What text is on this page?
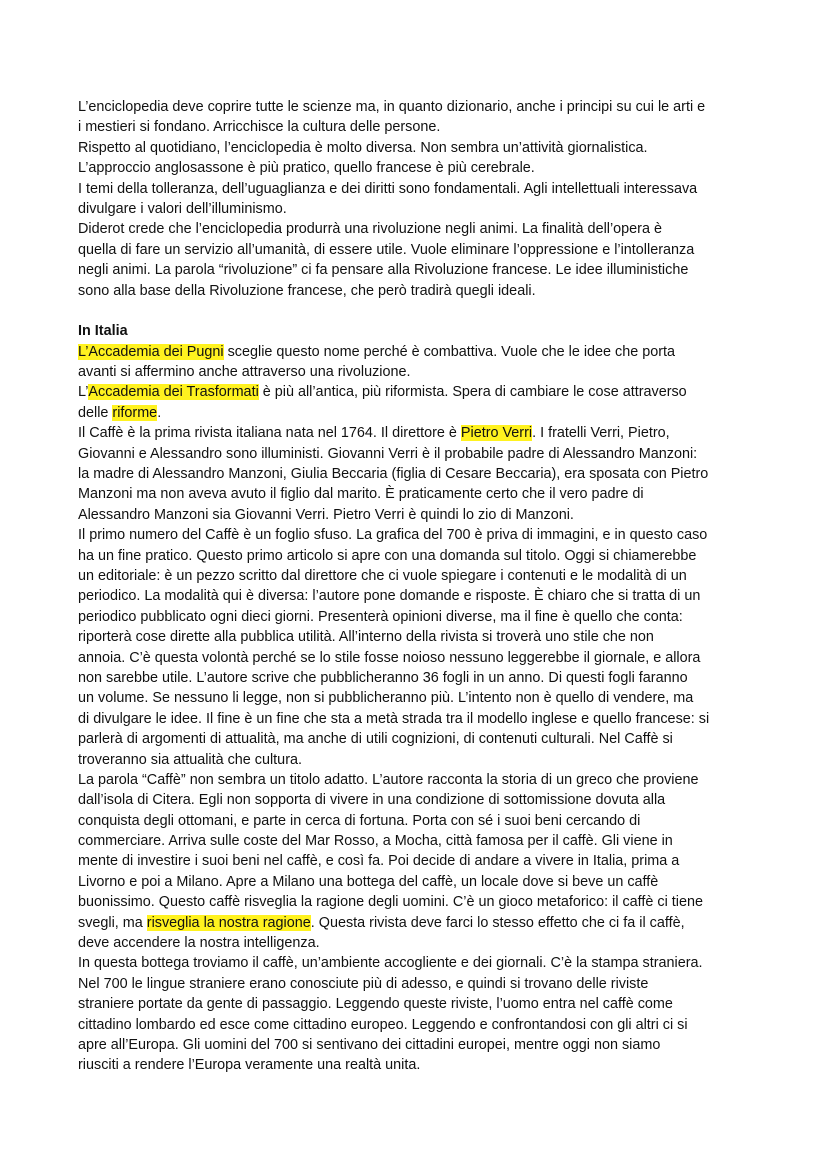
L’enciclopedia deve coprire tutte le scienze ma, in quanto dizionario, anche i principi su cui le arti e
i mestieri si fondano. Arricchisce la cultura delle persone.
Rispetto al quotidiano, l’enciclopedia è molto diversa. Non sembra un’attività giornalistica.
L’approccio anglosassone è più pratico, quello francese è più cerebrale.
I temi della tolleranza, dell’uguaglianza e dei diritti sono fondamentali. Agli intellettuali interessava
divulgare i valori dell’illuminismo.
Diderot crede che l’enciclopedia produrrà una rivoluzione negli animi. La finalità dell’opera è
quella di fare un servizio all’umanità, di essere utile. Vuole eliminare l’oppressione e l’intolleranza
negli animi. La parola “rivoluzione” ci fa pensare alla Rivoluzione francese. Le idee illuministiche
sono alla base della Rivoluzione francese, che però tradirà quegli ideali.
In Italia
L’Accademia dei Pugni sceglie questo nome perché è combattiva. Vuole che le idee che porta
avanti si affermino anche attraverso una rivoluzione.
L’Accademia dei Trasformati è più all’antica, più riformista. Spera di cambiare le cose attraverso
delle riforme.
Il Caffè è la prima rivista italiana nata nel 1764. Il direttore è Pietro Verri. I fratelli Verri, Pietro,
Giovanni e Alessandro sono illuministi. Giovanni Verri è il probabile padre di Alessandro Manzoni:
la madre di Alessandro Manzoni, Giulia Beccaria (figlia di Cesare Beccaria), era sposata con Pietro
Manzoni ma non aveva avuto il figlio dal marito. È praticamente certo che il vero padre di
Alessandro Manzoni sia Giovanni Verri. Pietro Verri è quindi lo zio di Manzoni.
Il primo numero del Caffè è un foglio sfuso. La grafica del 700 è priva di immagini, e in questo caso
ha un fine pratico. Questo primo articolo si apre con una domanda sul titolo. Oggi si chiamerebbe
un editoriale: è un pezzo scritto dal direttore che ci vuole spiegare i contenuti e le modalità di un
periodico. La modalità qui è diversa: l’autore pone domande e risposte. È chiaro che si tratta di un
periodico pubblicato ogni dieci giorni. Presenterà opinioni diverse, ma il fine è quello che conta:
riporterà cose dirette alla pubblica utilità. All’interno della rivista si troverà uno stile che non
annoia. C’è questa volontà perché se lo stile fosse noioso nessuno leggerebbe il giornale, e allora
non sarebbe utile. L’autore scrive che pubblicheranno 36 fogli in un anno. Di questi fogli faranno
un volume. Se nessuno li legge, non si pubblicheranno più. L’intento non è quello di vendere, ma
di divulgare le idee. Il fine è un fine che sta a metà strada tra il modello inglese e quello francese: si
parlerà di argomenti di attualità, ma anche di utili cognizioni, di contenuti culturali. Nel Caffè si
troveranno sia attualità che cultura.
La parola “Caffè” non sembra un titolo adatto. L’autore racconta la storia di un greco che proviene
dall’isola di Citera. Egli non sopporta di vivere in una condizione di sottomissione dovuta alla
conquista degli ottomani, e parte in cerca di fortuna. Porta con sé i suoi beni cercando di
commerciare. Arriva sulle coste del Mar Rosso, a Mocha, città famosa per il caffè. Gli viene in
mente di investire i suoi beni nel caffè, e così fa. Poi decide di andare a vivere in Italia, prima a
Livorno e poi a Milano. Apre a Milano una bottega del caffè, un locale dove si beve un caffè
buonissimo. Questo caffè risveglia la ragione degli uomini. C’è un gioco metaforico: il caffè ci tiene
svegli, ma risveglia la nostra ragione. Questa rivista deve farci lo stesso effetto che ci fa il caffè,
deve accendere la nostra intelligenza.
In questa bottega troviamo il caffè, un’ambiente accogliente e dei giornali. C’è la stampa straniera.
Nel 700 le lingue straniere erano conosciute più di adesso, e quindi si trovano delle riviste
straniere portate da gente di passaggio. Leggendo queste riviste, l’uomo entra nel caffè come
cittadino lombardo ed esce come cittadino europeo. Leggendo e confrontandosi con gli altri ci si
apre all’Europa. Gli uomini del 700 si sentivano dei cittadini europei, mentre oggi non siamo
riusciti a rendere l’Europa veramente una realtà unita.
